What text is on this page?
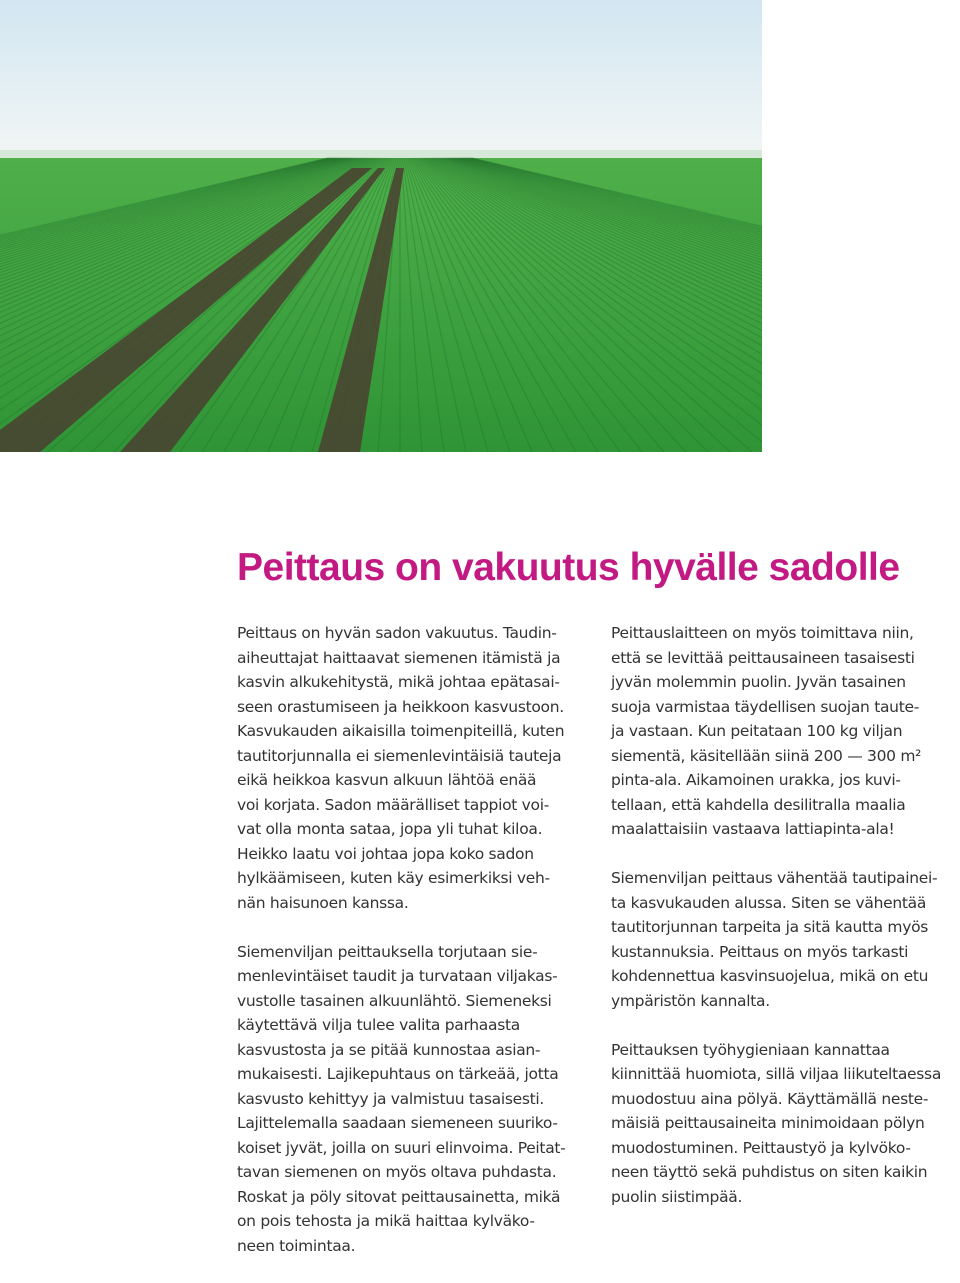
Peittaus on vakuutus hyvälle sadolle

Peittaus on hyvän sadon vakuutus. Taudin-
aiheuttajat haittaavat siemenen itämistä ja
kasvin alkukehitystä, mikä johtaa epätasai-
seen orastumiseen ja heikkoon kasvustoon.
Kasvukauden aikaisilla toimenpiteillä, kuten
tautitorjunnalla ei siemenlevintäisiä tauteja
eikä heikkoa kasvun alkuun lähtöä enää
voi korjata. Sadon määrälliset tappiot voi-
vat olla monta sataa, jopa yli tuhat kiloa.
Heikko laatu voi johtaa jopa koko sadon
hylkäämiseen, kuten käy esimerkiksi veh-
nän haisunoen kanssa.

Siemenviljan peittauksella torjutaan sie-
menlevintäiset taudit ja turvataan viljakas-
vustolle tasainen alkuunlähtö. Siemeneksi
käytettävä vilja tulee valita parhaasta
kasvustosta ja se pitää kunnostaa asian-
mukaisesti. Lajikepuhtaus on tärkeää, jotta
kasvusto kehittyy ja valmistuu tasaisesti.
Lajittelemalla saadaan siemeneen suuriko-
koiset jyvät, joilla on suuri elinvoima. Peitat-
tavan siemenen on myös oltava puhdasta.
Roskat ja pöly sitovat peittausainetta, mikä
on pois tehosta ja mikä haittaa kylväko-
neen toimintaa.

Peittauslaitteen on myös toimittava niin,
että se levittää peittausaineen tasaisesti
jyvän molemmin puolin. Jyvän tasainen
suoja varmistaa täydellisen suojan taute-
ja vastaan. Kun peitataan 100 kg viljan
siementä, käsitellään siinä 200 — 300 m²
pinta-ala. Aikamoinen urakka, jos kuvi-
tellaan, että kahdella desilitralla maalia
maalattaisiin vastaava lattiapinta-ala!

Siemenviljan peittaus vähentää tautipainei-
ta kasvukauden alussa. Siten se vähentää
tautitorjunnan tarpeita ja sitä kautta myös
kustannuksia. Peittaus on myös tarkasti
kohdennettua kasvinsuojelua, mikä on etu
ympäristön kannalta.

Peittauksen työhygieniaan kannattaa
kiinnittää huomiota, sillä viljaa liikuteltaessa
muodostuu aina pölyä. Käyttämällä neste-
mäisiä peittausaineita minimoidaan pölyn
muodostuminen. Peittaustyö ja kylvöko-
neen täyttö sekä puhdistus on siten kaikin
puolin siistimpää.
